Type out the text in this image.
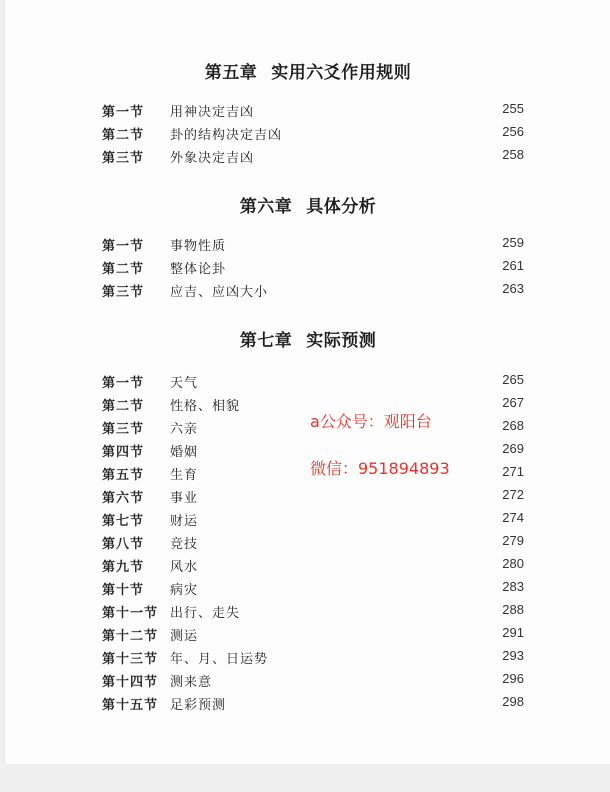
第五章 实用六爻作用规则
第一节 用神决定吉凶	255
第二节 卦的结构决定吉凶	256
第三节 外象决定吉凶	258
第六章 具体分析
第一节 事物性质	259
第二节 整体论卦	261
第三节 应吉、应凶大小	263
第七章 实际预测
第一节 天气	265
第二节 性格、相貌	267
第三节 六亲	268
第四节 婚姻	269
第五节 生育	271
第六节 事业	272
第七节 财运	274
第八节 竞技	279
第九节 风水	280
第十节 病灾	283
第十一节 出行、走失	288
第十二节 测运	291
第十三节 年、月、日运势	293
第十四节 测来意	296
第十五节 足彩预测	298
a公众号：观阳台
微信：951894893
